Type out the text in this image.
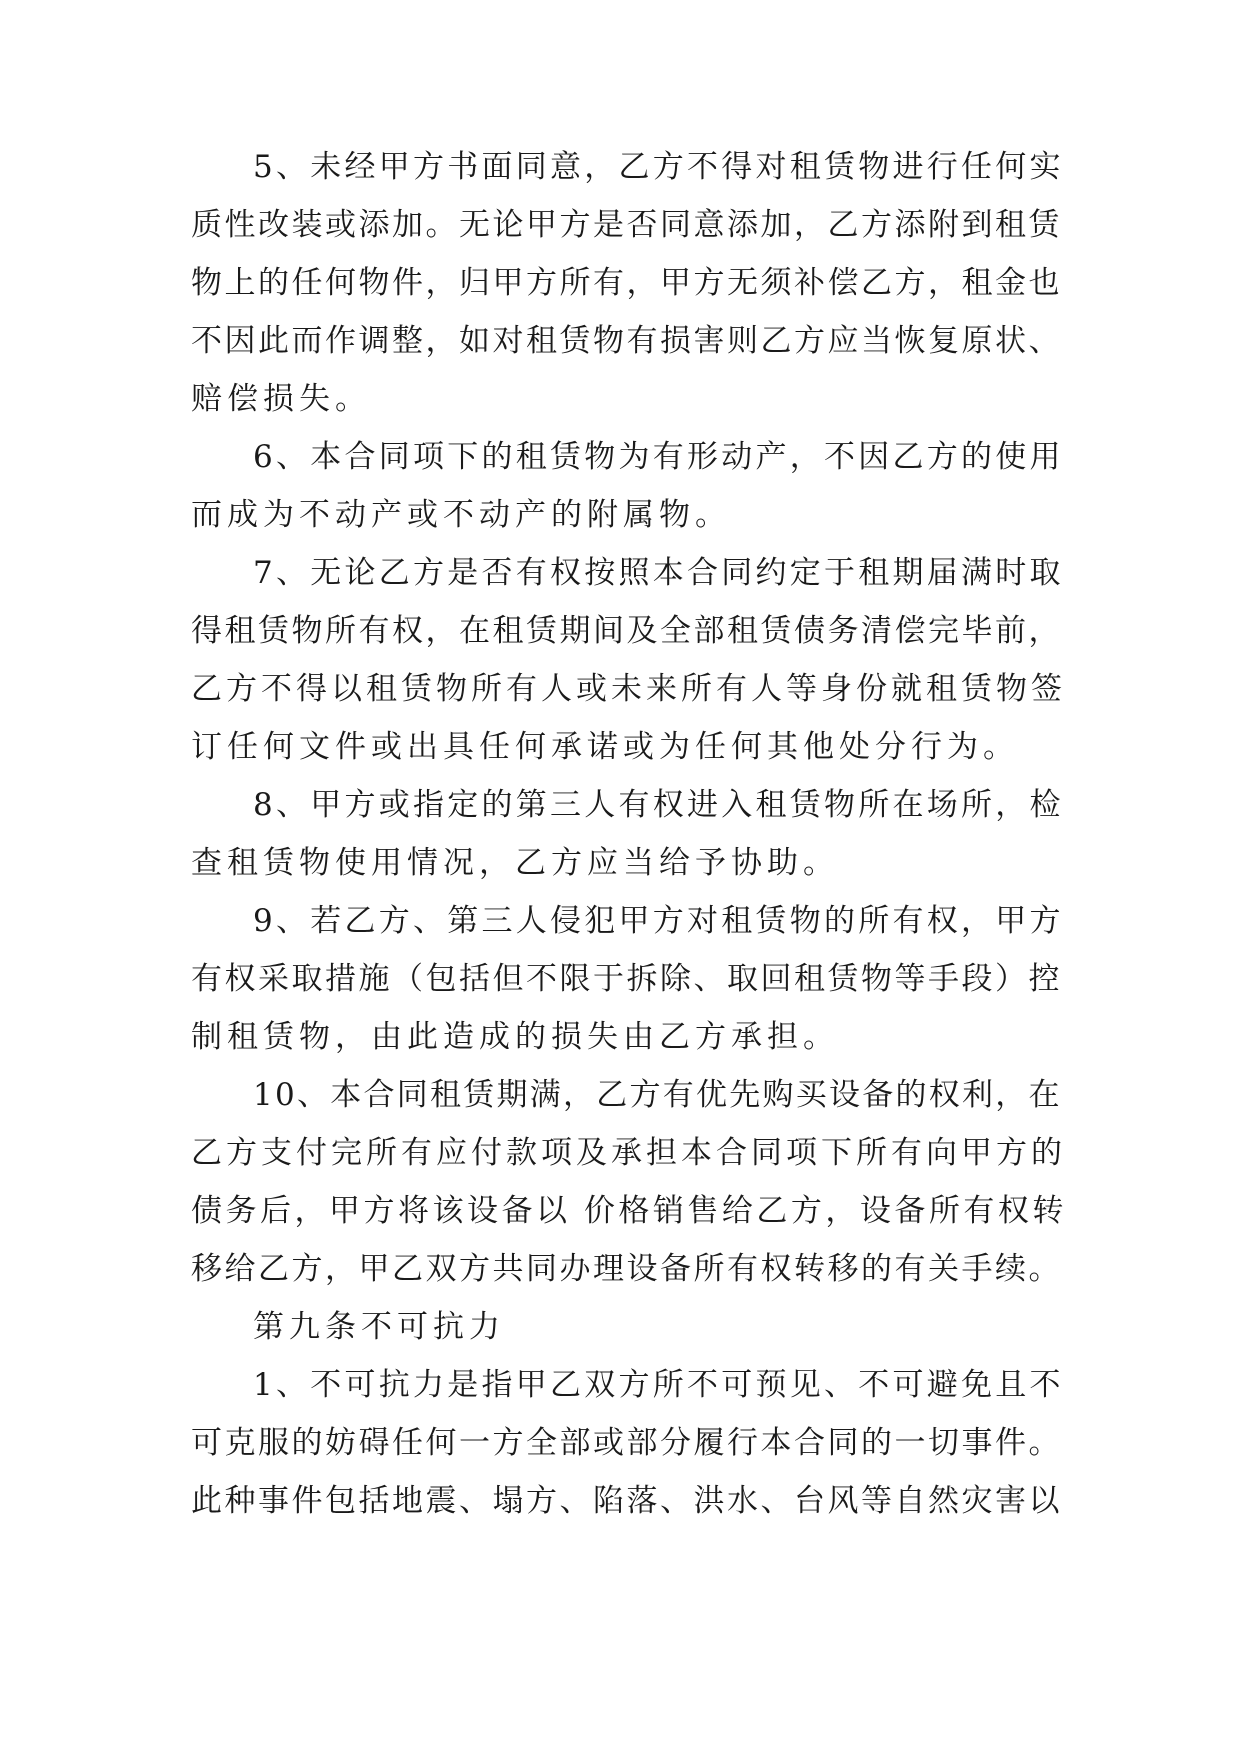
5、未经甲方书面同意，乙方不得对租赁物进行任何实
质性改装或添加。无论甲方是否同意添加，乙方添附到租赁
物上的任何物件，归甲方所有，甲方无须补偿乙方，租金也
不因此而作调整，如对租赁物有损害则乙方应当恢复原状、
赔偿损失。
6、本合同项下的租赁物为有形动产，不因乙方的使用
而成为不动产或不动产的附属物。
7、无论乙方是否有权按照本合同约定于租期届满时取
得租赁物所有权，在租赁期间及全部租赁债务清偿完毕前，
乙方不得以租赁物所有人或未来所有人等身份就租赁物签
订任何文件或出具任何承诺或为任何其他处分行为。
8、甲方或指定的第三人有权进入租赁物所在场所，检
查租赁物使用情况，乙方应当给予协助。
9、若乙方、第三人侵犯甲方对租赁物的所有权，甲方
有权采取措施（包括但不限于拆除、取回租赁物等手段）控
制租赁物，由此造成的损失由乙方承担。
10、本合同租赁期满，乙方有优先购买设备的权利，在
乙方支付完所有应付款项及承担本合同项下所有向甲方的
债务后，甲方将该设备以 价格销售给乙方，设备所有权转
移给乙方，甲乙双方共同办理设备所有权转移的有关手续。
第九条不可抗力
1、不可抗力是指甲乙双方所不可预见、不可避免且不
可克服的妨碍任何一方全部或部分履行本合同的一切事件。
此种事件包括地震、塌方、陷落、洪水、台风等自然灾害以
